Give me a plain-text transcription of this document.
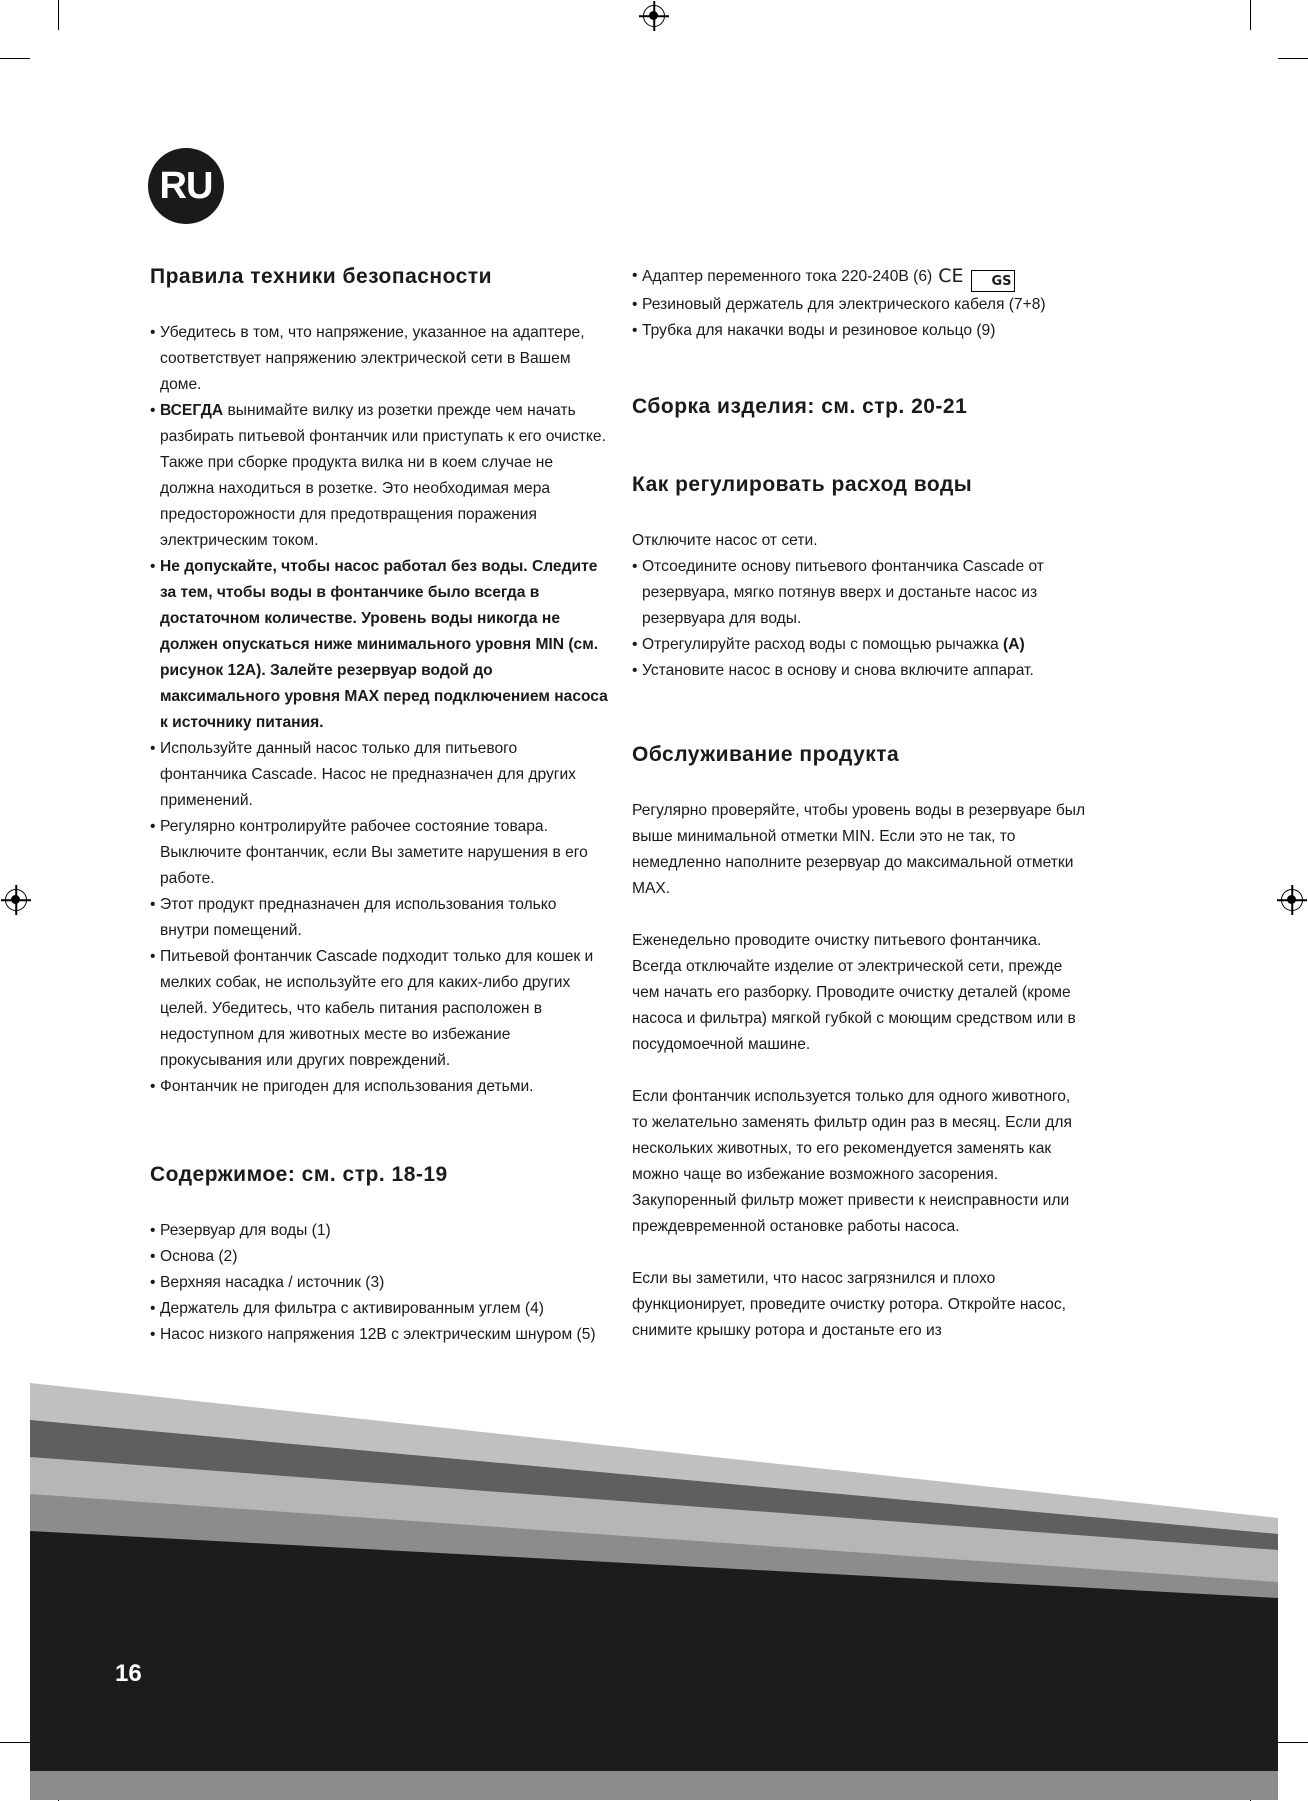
RU
Правила техники безопасности
• Убедитесь в том, что напряжение, указанное на адаптере, соответствует напряжению электрической сети в Вашем доме.
• ВСЕГДА вынимайте вилку из розетки прежде чем начать разбирать питьевой фонтанчик или приступать к его очистке. Также при сборке продукта вилка ни в коем случае не должна находиться в розетке. Это необходимая мера предосторожности для предотвращения поражения электрическим током.
• Не допускайте, чтобы насос работал без воды. Следите за тем, чтобы воды в фонтанчике было всегда в достаточном количестве. Уровень воды никогда не должен опускаться ниже минимального уровня MIN (см. рисунок 12A). Залейте резервуар водой до максимального уровня MAX перед подключением насоса к источнику питания.
• Используйте данный насос только для питьевого фонтанчика Cascade. Насос не предназначен для других применений.
• Регулярно контролируйте рабочее состояние товара. Выключите фонтанчик, если Вы заметите нарушения в его работе.
• Этот продукт предназначен для использования только внутри помещений.
• Питьевой фонтанчик Cascade подходит только для кошек и мелких собак, не используйте его для каких-либо других целей. Убедитесь, что кабель питания расположен в недоступном для животных месте во избежание прокусывания или других повреждений.
• Фонтанчик не пригоден для использования детьми.
Содержимое: см. стр. 18-19
• Резервуар для воды (1)
• Основа (2)
• Верхняя насадка / источник (3)
• Держатель для фильтра с активированным углем (4)
• Насос низкого напряжения 12В с электрическим шнуром (5)
• Адаптер переменного тока 220-240В (6) CE GS
• Резиновый держатель для электрического кабеля (7+8)
• Трубка для накачки воды и резиновое кольцо (9)
Сборка изделия: см. стр. 20-21
Как регулировать расход воды

Отключите насос от сети.

• Отсоедините основу питьевого фонтанчика Cascade от резервуара, мягко потянув вверх и достаньте насос из резервуара для воды.
• Отрегулируйте расход воды с помощью рычажка (A)
• Установите насос в основу и снова включите аппарат.
Обслуживание продукта

Регулярно проверяйте, чтобы уровень воды в резервуаре был выше минимальной отметки MIN. Если это не так, то немедленно наполните резервуар до максимальной отметки MAX.

Еженедельно проводите очистку питьевого фонтанчика. Всегда отключайте изделие от электрической сети, прежде чем начать его разборку. Проводите очистку деталей (кроме насоса и фильтра) мягкой губкой с моющим средством или в посудомоечной машине.

Если фонтанчик используется только для одного животного, то желательно заменять фильтр один раз в месяц. Если для нескольких животных, то его рекомендуется заменять как можно чаще во избежание возможного засорения. Закупоренный фильтр может привести к неисправности или преждевременной остановке работы насоса.

Если вы заметили, что насос загрязнился и плохо функционирует, проведите очистку ротора. Откройте насос, снимите крышку ротора и достаньте его из

16
